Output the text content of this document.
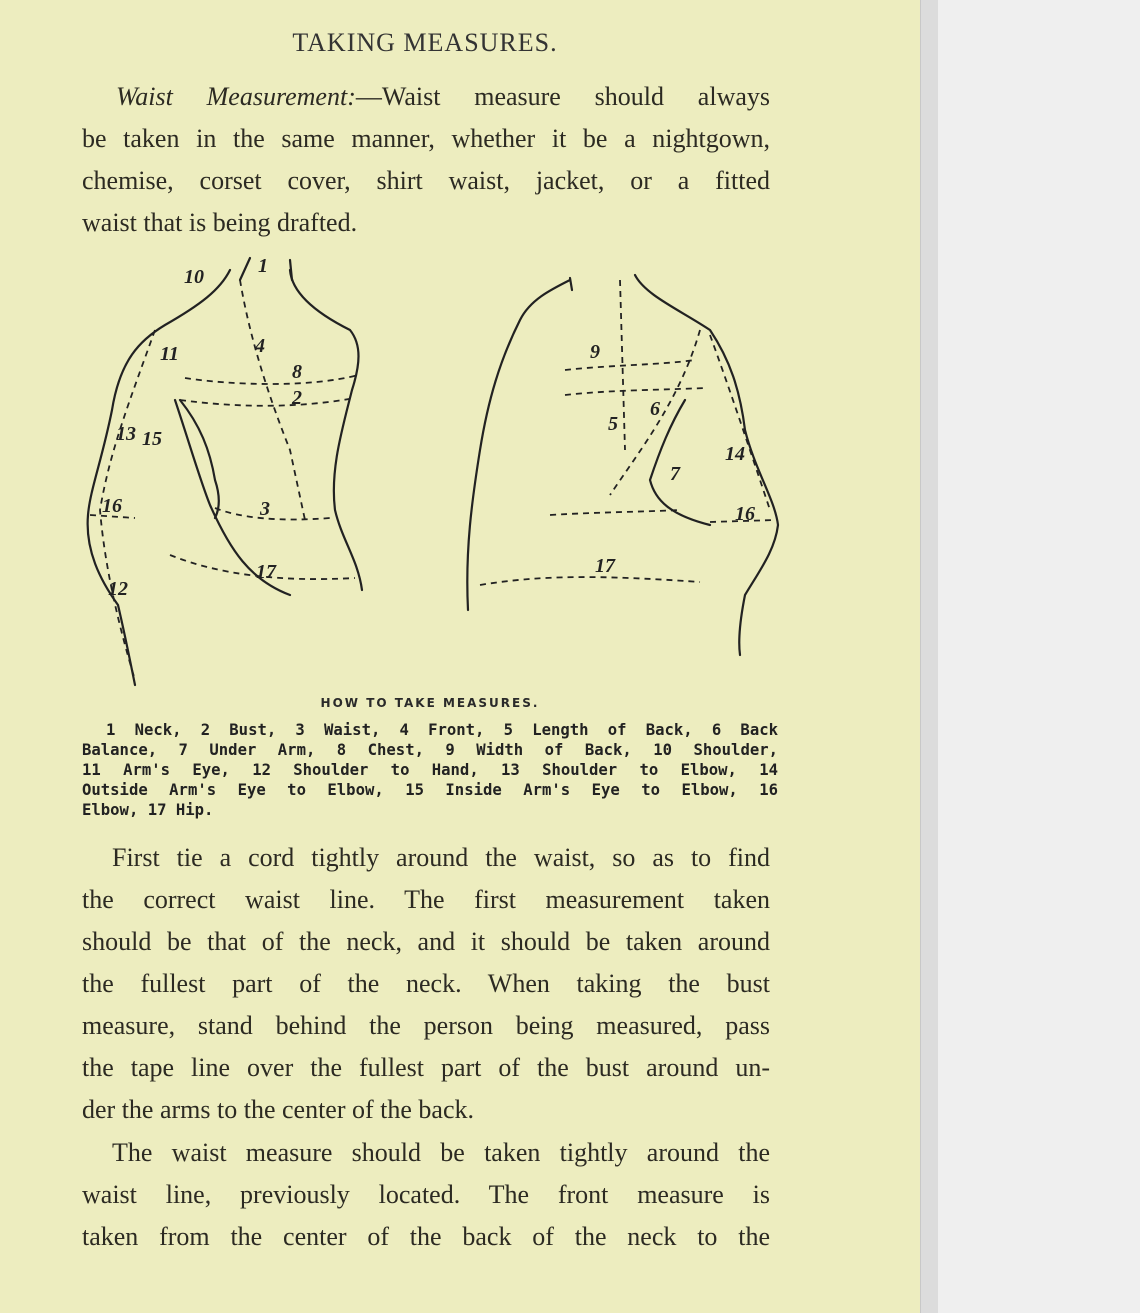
TAKING MEASURES.
Waist Measurement:—Waist measure should always
be taken in the same manner, whether it be a nightgown,
chemise, corset cover, shirt waist, jacket, or a fitted
waist that is being drafted.
10	1
4
8
2
11
13 15
16	3
17
12
9
5
6
7
14
16
17
HOW TO TAKE MEASURES.
1 Neck, 2 Bust, 3 Waist, 4 Front, 5 Length of Back, 6 Back
Balance, 7 Under Arm, 8 Chest, 9 Width of Back, 10 Shoulder,
11 Arm's Eye, 12 Shoulder to Hand, 13 Shoulder to Elbow, 14
Outside Arm's Eye to Elbow, 15 Inside Arm's Eye to Elbow, 16
Elbow, 17 Hip.
First tie a cord tightly around the waist, so as to find
the correct waist line. The first measurement taken
should be that of the neck, and it should be taken around
the fullest part of the neck. When taking the bust
measure, stand behind the person being measured, pass
the tape line over the fullest part of the bust around un-
der the arms to the center of the back.
The waist measure should be taken tightly around the
waist line, previously located. The front measure is
taken from the center of the back of the neck to the
